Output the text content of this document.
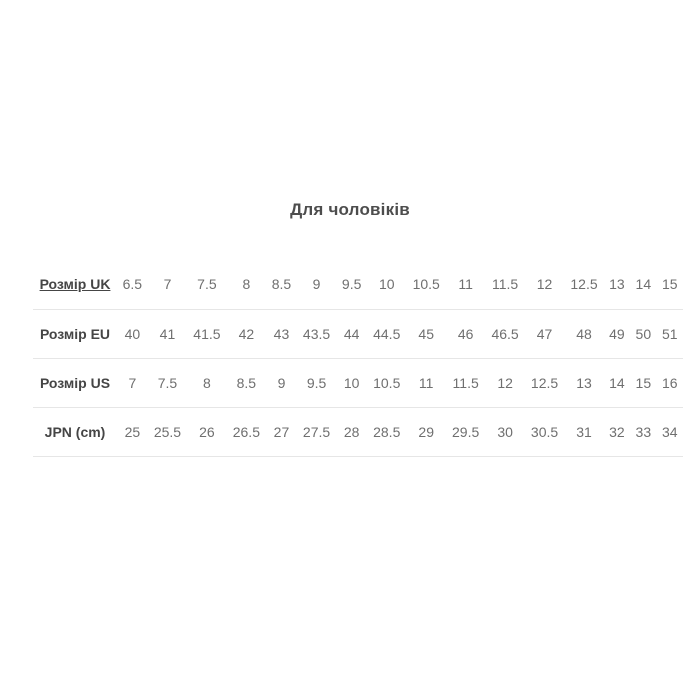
Для чоловіків
Розмір UK	6.5	7	7.5	8	8.5	9	9.5	10	10.5	11	11.5	12	12.5	13	14	15
Розмір EU	40	41	41.5	42	43	43.5	44	44.5	45	46	46.5	47	48	49	50	51
Розмір US	7	7.5	8	8.5	9	9.5	10	10.5	11	11.5	12	12.5	13	14	15	16
JPN (cm)	25	25.5	26	26.5	27	27.5	28	28.5	29	29.5	30	30.5	31	32	33	34
